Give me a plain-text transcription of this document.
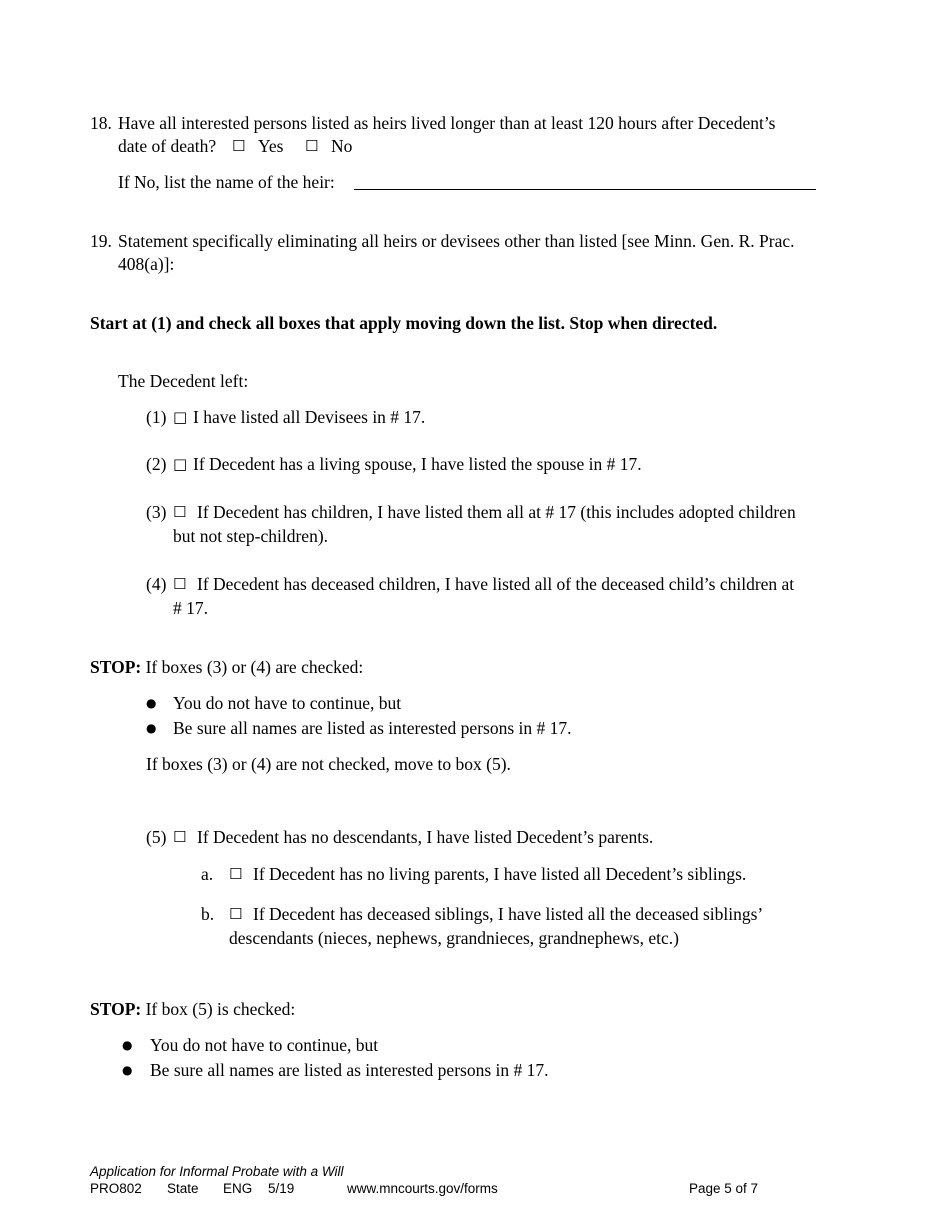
18. Have all interested persons listed as heirs lived longer than at least 120 hours after Decedent’s
date of death? ☐ Yes ☐ No
If No, list the name of the heir:
19. Statement specifically eliminating all heirs or devisees other than listed [see Minn. Gen. R. Prac.
408(a)]:
Start at (1) and check all boxes that apply moving down the list. Stop when directed.
The Decedent left:
(1) □ I have listed all Devisees in # 17.
(2) □ If Decedent has a living spouse, I have listed the spouse in # 17.
(3) ☐ If Decedent has children, I have listed them all at # 17 (this includes adopted children
but not step-children).
(4) ☐ If Decedent has deceased children, I have listed all of the deceased child’s children at
# 17.
STOP: If boxes (3) or (4) are checked:
● You do not have to continue, but
● Be sure all names are listed as interested persons in # 17.
If boxes (3) or (4) are not checked, move to box (5).
(5) ☐ If Decedent has no descendants, I have listed Decedent’s parents.
a. ☐ If Decedent has no living parents, I have listed all Decedent’s siblings.
b. ☐ If Decedent has deceased siblings, I have listed all the deceased siblings’
descendants (nieces, nephews, grandnieces, grandnephews, etc.)
STOP: If box (5) is checked:
● You do not have to continue, but
● Be sure all names are listed as interested persons in # 17.
Application for Informal Probate with a Will
PRO802 State ENG 5/19	www.mncourts.gov/forms	Page 5 of 7
